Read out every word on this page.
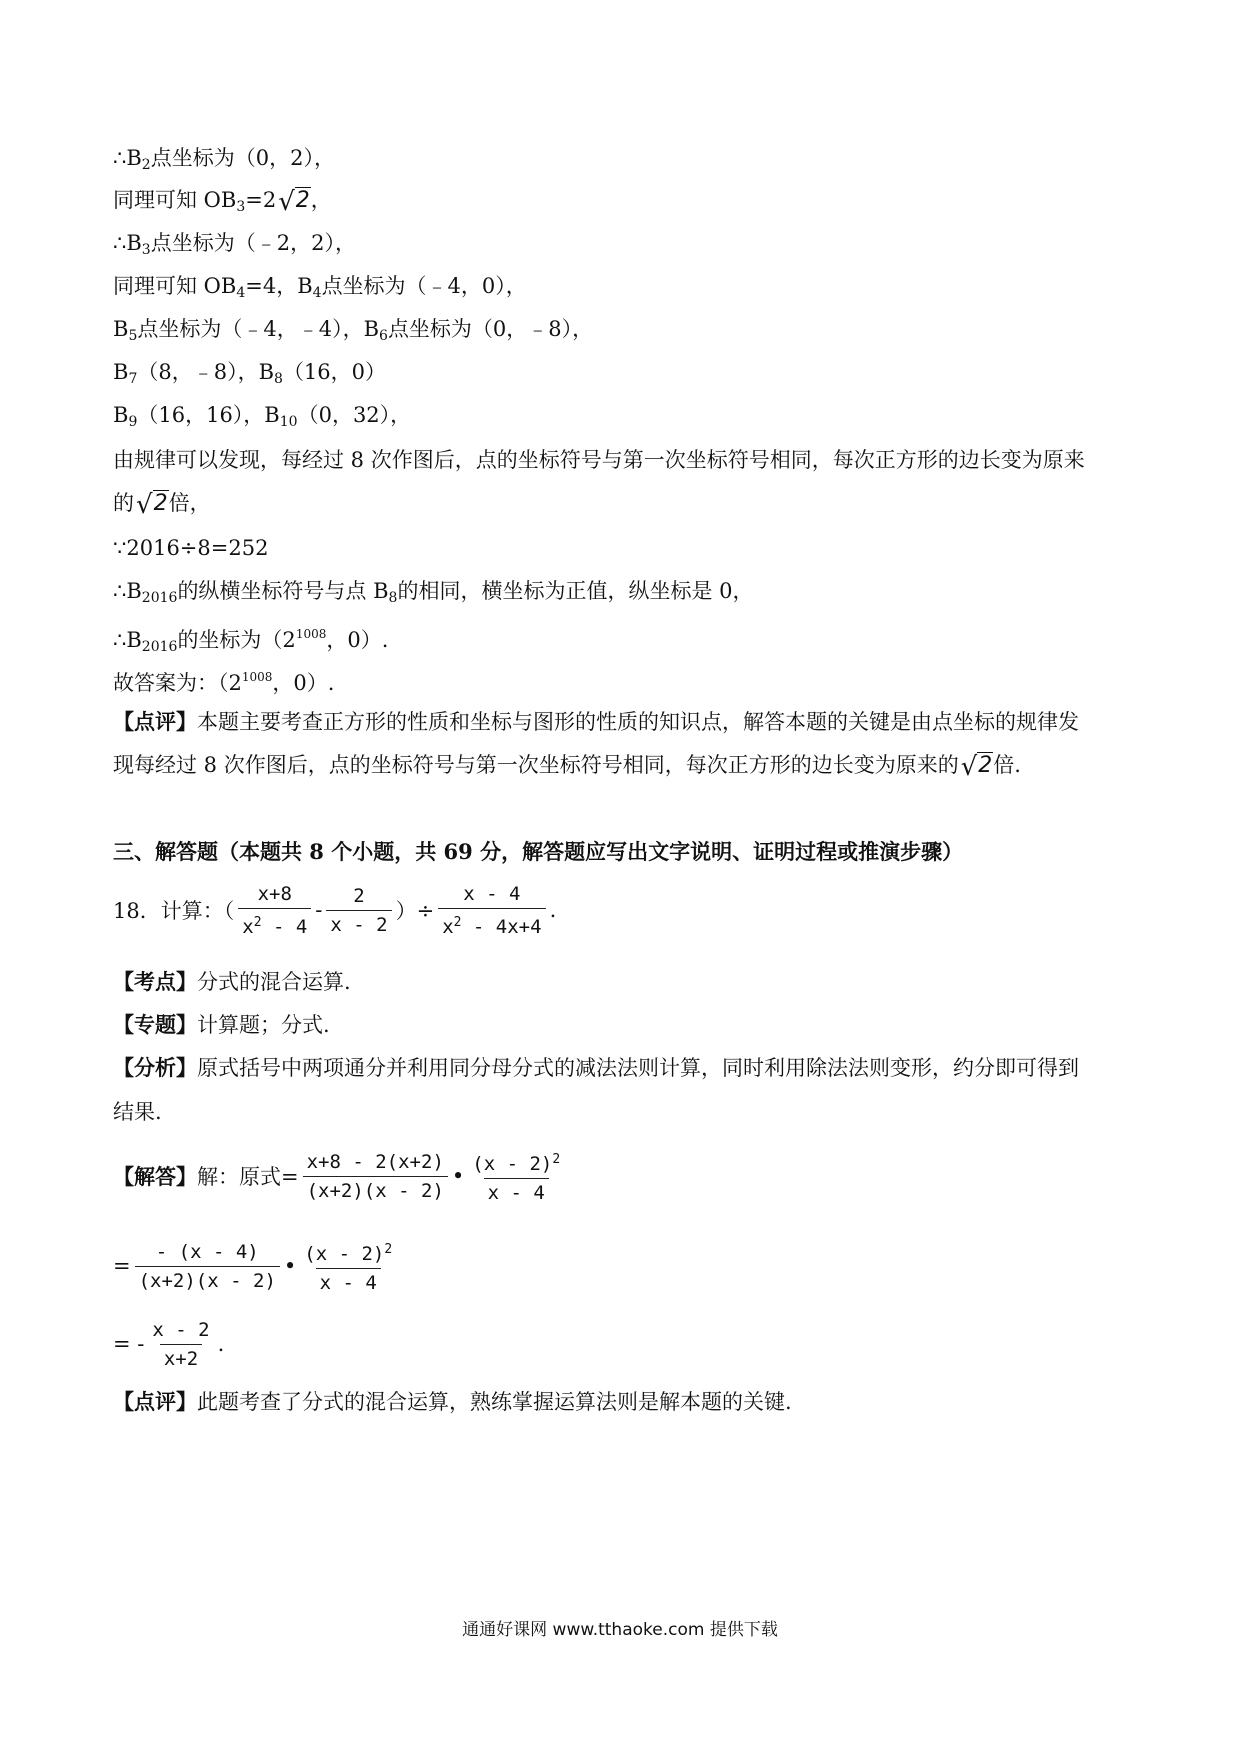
$\therefore B_2$点坐标为（0，2），
同理可知 $OB_3=2√2$，
$\therefore B_3$点坐标为（﹣2，2），
同理可知 $OB_4=4$，$B_4$点坐标为（﹣4，0），
$B_5$点坐标为（﹣4，﹣4），$B_6$点坐标为（0，﹣8），
$B_7(8$，﹣8），$B_8(16$，0）
$B_9(16$，16），$B_{10}(0$，32），
由规律可以发现，每经过 8 次作图后，点的坐标符号与第一次坐标符号相同，每次正方形的边长变为原来
的√2倍，
∵2016÷8=252
$\therefore B_{2016}$的纵横坐标符号与点 $B_8$的相同，横坐标为正值，纵坐标是 0，
$\therefore B_{2016}$的坐标为（$2^{1008}$，0）.
故答案为：（$2^{1008}$，0）.
【点评】本题主要考查正方形的性质和坐标与图形的性质的知识点，解答本题的关键是由点坐标的规律发
现每经过 8 次作图后，点的坐标符号与第一次坐标符号相同，每次正方形的边长变为原来的√2倍.
三、解答题（本题共 8 个小题，共 69 分，解答题应写出文字说明、证明过程或推演步骤）
18．计算：（ $\frac{x+8}{x^2 - 4} - \frac{2}{x - 2}$ ）÷ $\frac{x - 4}{x^2 - 4x+4}$ .
【考点】分式的混合运算.
【专题】计算题；分式.
【分析】原式括号中两项通分并利用同分母分式的减法法则计算，同时利用除法法则变形，约分即可得到
结果.
【解答】 解：原式= $\frac{x+8 - 2(x+2)}{(x+2)(x - 2)}$ • $\frac{(x - 2)^2}{x - 4}$
= $\frac{- (x - 4)}{(x+2)(x - 2)}$ • $\frac{(x - 2)^2}{x - 4}$
= - $\frac{x - 2}{x+2}$ .
【点评】此题考查了分式的混合运算，熟练掌握运算法则是解本题的关键.
通通好课网 www.tthaoke.com 提供下载
